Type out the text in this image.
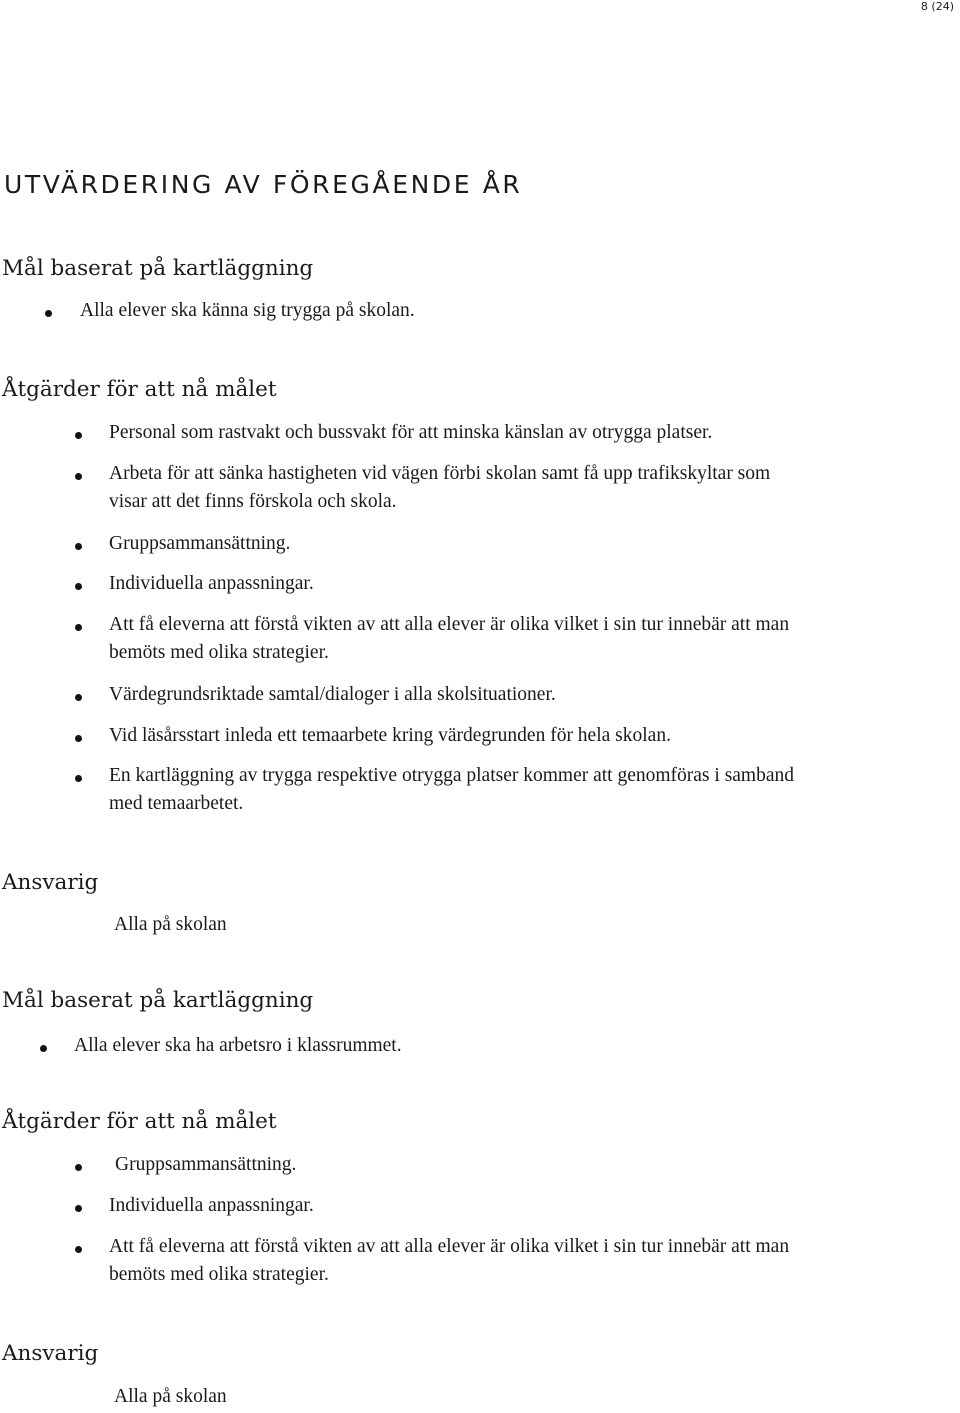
8 (24)
UTVÄRDERING AV FÖREGÅENDE ÅR
Mål baserat på kartläggning
Alla elever ska känna sig trygga på skolan.
Åtgärder för att nå målet
Personal som rastvakt och bussvakt för att minska känslan av otrygga platser.
Arbeta för att sänka hastigheten vid vägen förbi skolan samt få upp trafikskyltar som
visar att det finns förskola och skola.
Gruppsammansättning.
Individuella anpassningar.
Att få eleverna att förstå vikten av att alla elever är olika vilket i sin tur innebär att man
bemöts med olika strategier.
Värdegrundsriktade samtal/dialoger i alla skolsituationer.
Vid läsårsstart inleda ett temaarbete kring värdegrunden för hela skolan.
En kartläggning av trygga respektive otrygga platser kommer att genomföras i samband
med temaarbetet.
Ansvarig
Alla på skolan
Mål baserat på kartläggning
Alla elever ska ha arbetsro i klassrummet.
Åtgärder för att nå målet
Gruppsammansättning.
Individuella anpassningar.
Att få eleverna att förstå vikten av att alla elever är olika vilket i sin tur innebär att man
bemöts med olika strategier.
Ansvarig
Alla på skolan
